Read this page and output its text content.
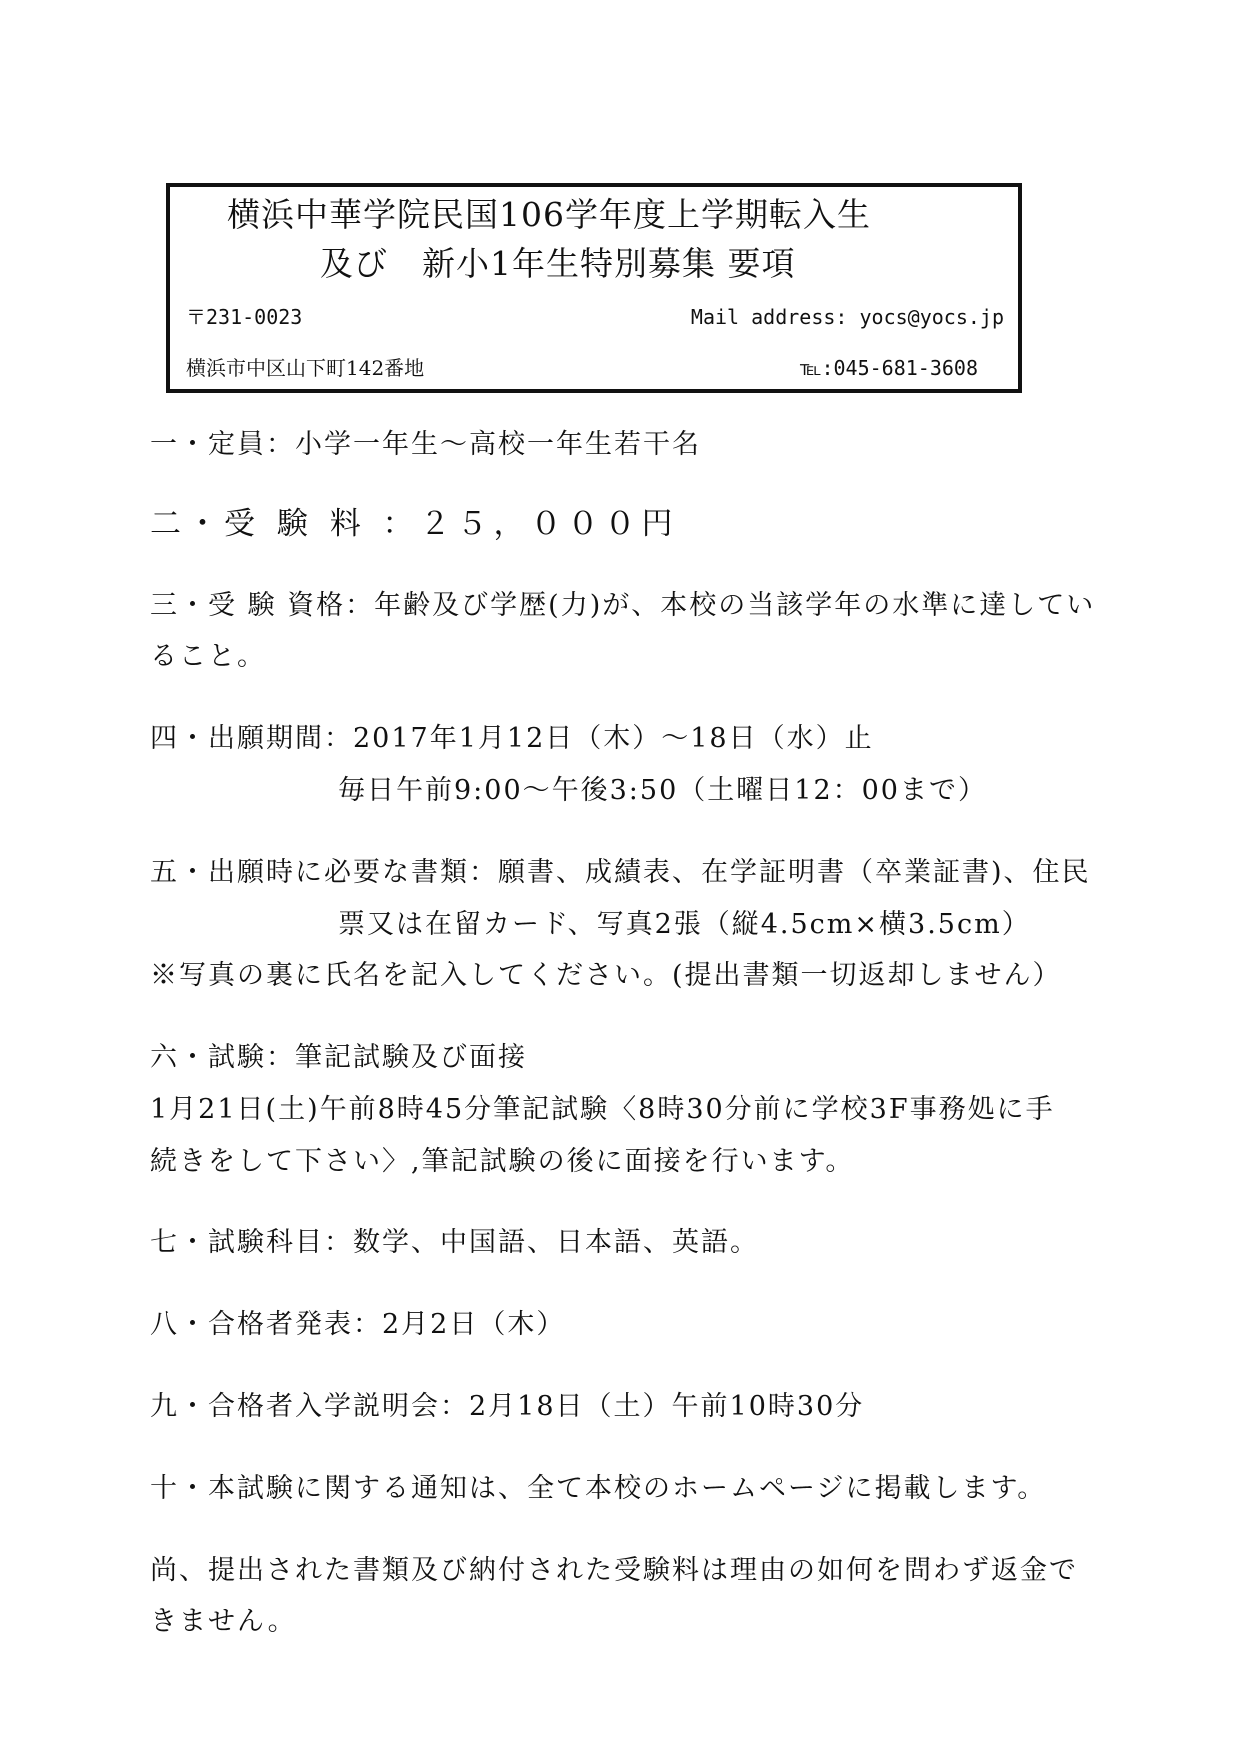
横浜中華学院民国106学年度上学期転入生
及び　新小1年生特別募集 要項
〒231-0023	Mail address: yocs@yocs.jp
横浜市中区山下町142番地	℡:045-681-3608
一・定員：小学一年生～高校一年生若干名
二・受 験 料 ：２５，０００円
三・受 験 資格：年齢及び学歴(力)が、本校の当該学年の水準に達してい
ること。
四・出願期間：2017年1月12日（木）～18日（水）止
毎日午前9:00～午後3:50（土曜日12：00まで）
五・出願時に必要な書類：願書、成績表、在学証明書（卒業証書)、住民
票又は在留カード、写真2張（縦4.5cm×横3.5cm）
※写真の裏に氏名を記入してください。(提出書類一切返却しません）
六・試験：筆記試験及び面接
1月21日(土)午前8時45分筆記試験〈8時30分前に学校3F事務処に手
続きをして下さい〉,筆記試験の後に面接を行います。
七・試験科目：数学、中国語、日本語、英語。
八・合格者発表：2月2日（木）
九・合格者入学説明会：2月18日（土）午前10時30分
十・本試験に関する通知は、全て本校のホームページに掲載します。
尚、提出された書類及び納付された受験料は理由の如何を問わず返金で
きません。
